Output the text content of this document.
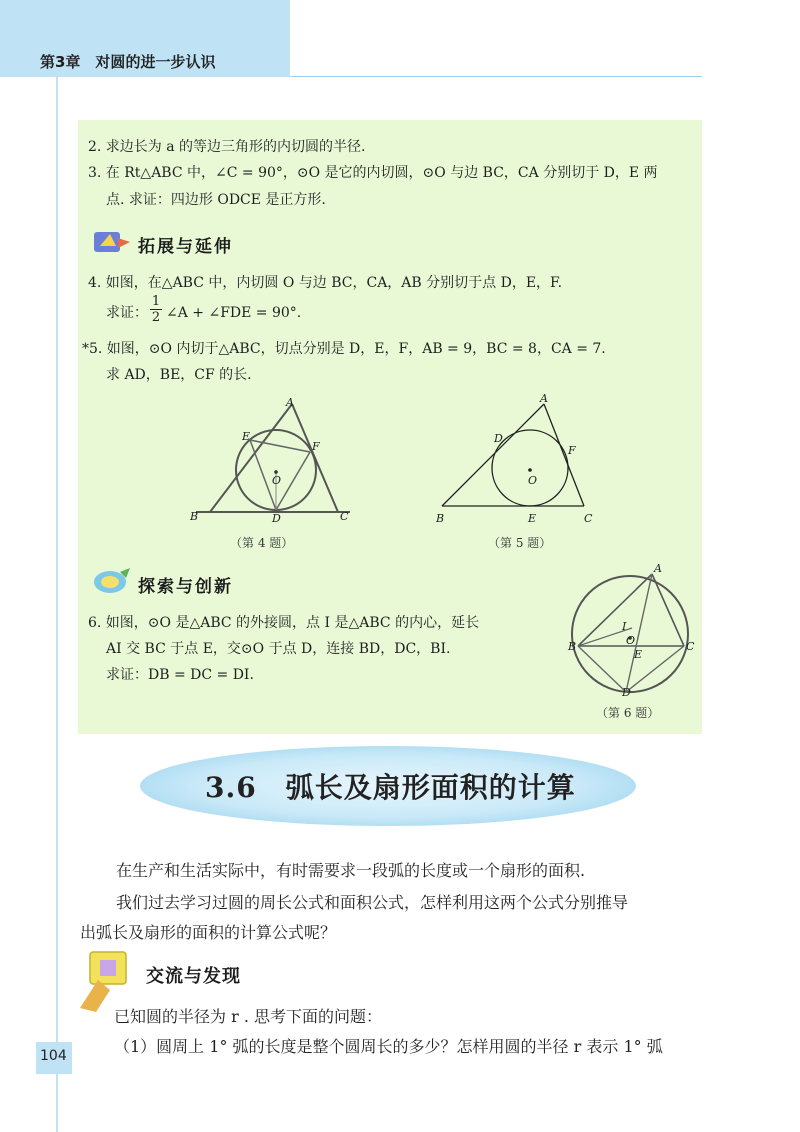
第3章　对圆的进一步认识
2. 求边长为 a 的等边三角形的内切圆的半径.
3. 在 Rt△ABC 中，∠C = 90°，⊙O 是它的内切圆，⊙O 与边 BC，CA 分别切于 D，E 两
点. 求证：四边形 ODCE 是正方形.
拓展与延伸
4. 如图，在△ABC 中，内切圆 O 与边 BC，CA，AB 分别切于点 D，E，F.
求证： $\frac{1}{2}$ ∠A + ∠FDE = 90°.
*5. 如图，⊙O 内切于△ABC，切点分别是 D，E，F，AB = 9，BC = 8，CA = 7.
求 AD，BE，CF 的长.
A
B	C
D
E
F
O
（第 4 题）
A
B	C
D
E
F
O
（第 5 题）
探索与创新
6. 如图，⊙O 是△ABC 的外接圆，点 I 是△ABC 的内心，延长
AI 交 BC 于点 E，交⊙O 于点 D，连接 BD，DC，BI.
求证：DB = DC = DI.
A
B	C
D
E
I
O
（第 6 题）
3.6　弧长及扇形面积的计算
在生产和生活实际中，有时需要求一段弧的长度或一个扇形的面积.
我们过去学习过圆的周长公式和面积公式，怎样利用这两个公式分别推导
出弧长及扇形的面积的计算公式呢？
交流与发现
已知圆的半径为 r . 思考下面的问题：
（1）圆周上 1° 弧的长度是整个圆周长的多少？怎样用圆的半径 r 表示 1° 弧
104
